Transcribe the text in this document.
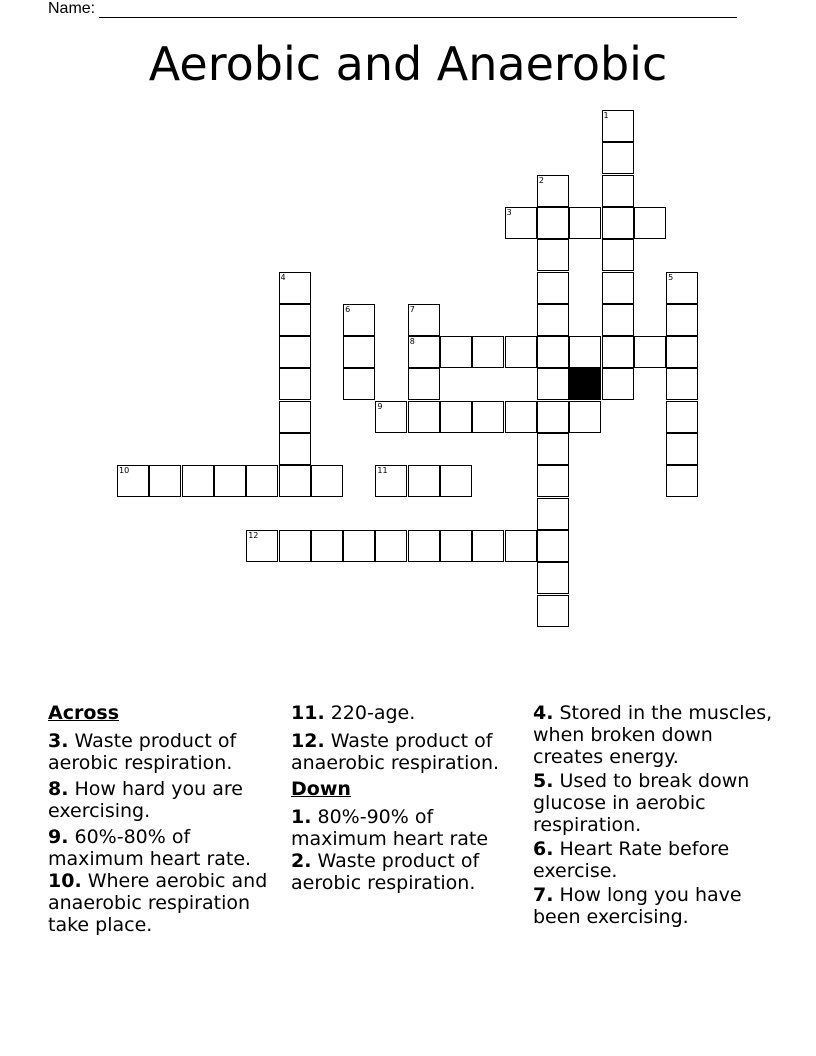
Name:
Aerobic and Anaerobic
1
2
3
4	5
6	7
8
9
10	11
12
Across
3. Waste product of aerobic respiration.
8. How hard you are exercising.
9. 60%-80% of maximum heart rate.
10. Where aerobic and anaerobic respiration take place.
11. 220-age.
12. Waste product of anaerobic respiration.
Down
1. 80%-90% of maximum heart rate
2. Waste product of aerobic respiration.
4. Stored in the muscles, when broken down creates energy.
5. Used to break down glucose in aerobic respiration.
6. Heart Rate before exercise.
7. How long you have been exercising.
